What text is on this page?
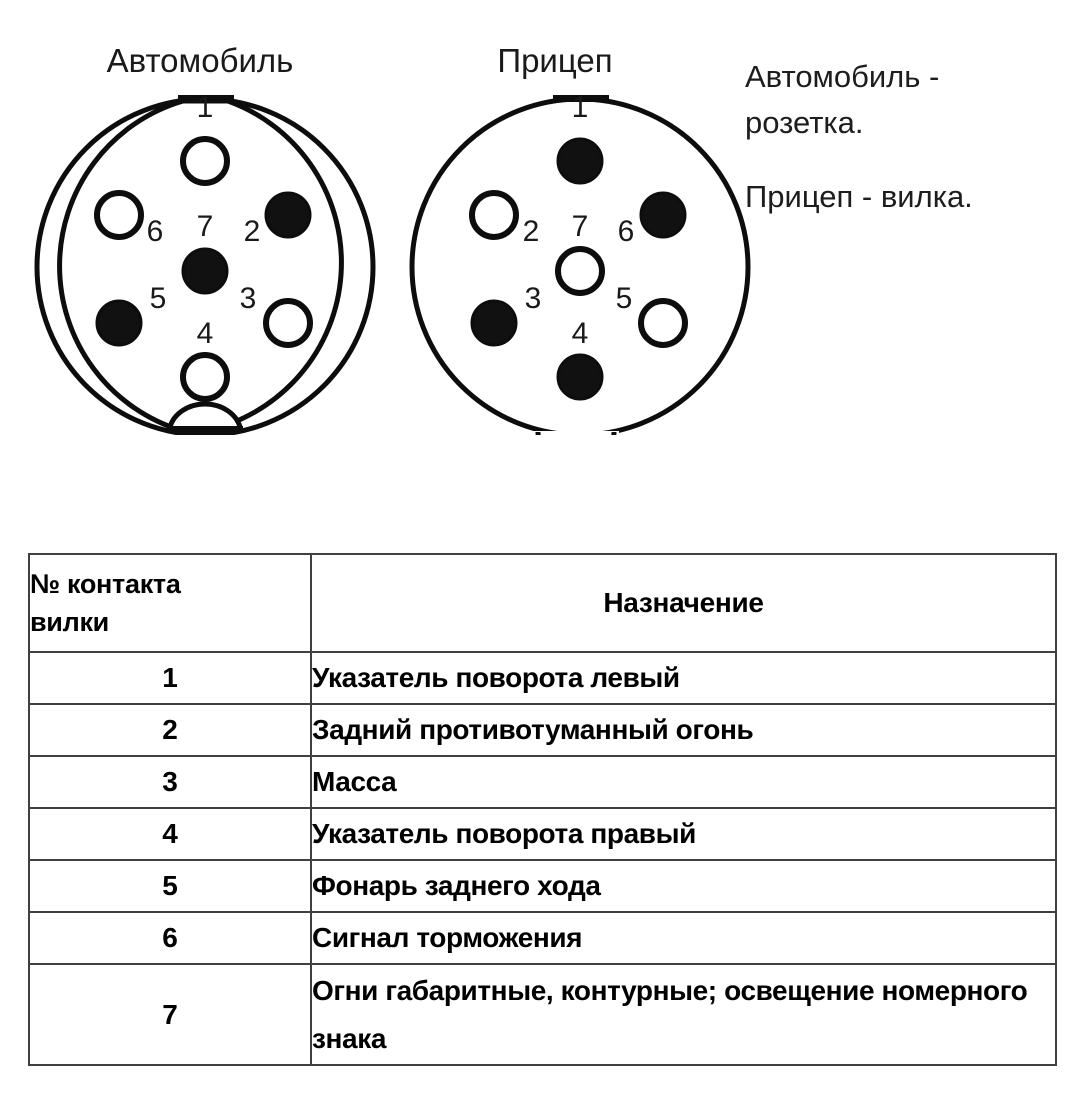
Автомобиль	Прицеп
1
2
3
4
5
6 7
1
2
3
4
5
6
7
Автомобиль -
розетка.
Прицеп - вилка.
№ контакта
вилки	Назначение
1	Указатель поворота левый
2	Задний противотуманный огонь
3	Масса
4	Указатель поворота правый
5	Фонарь заднего хода
6	Сигнал торможения
7	Огни габаритные, контурные; освещение номерного знака
